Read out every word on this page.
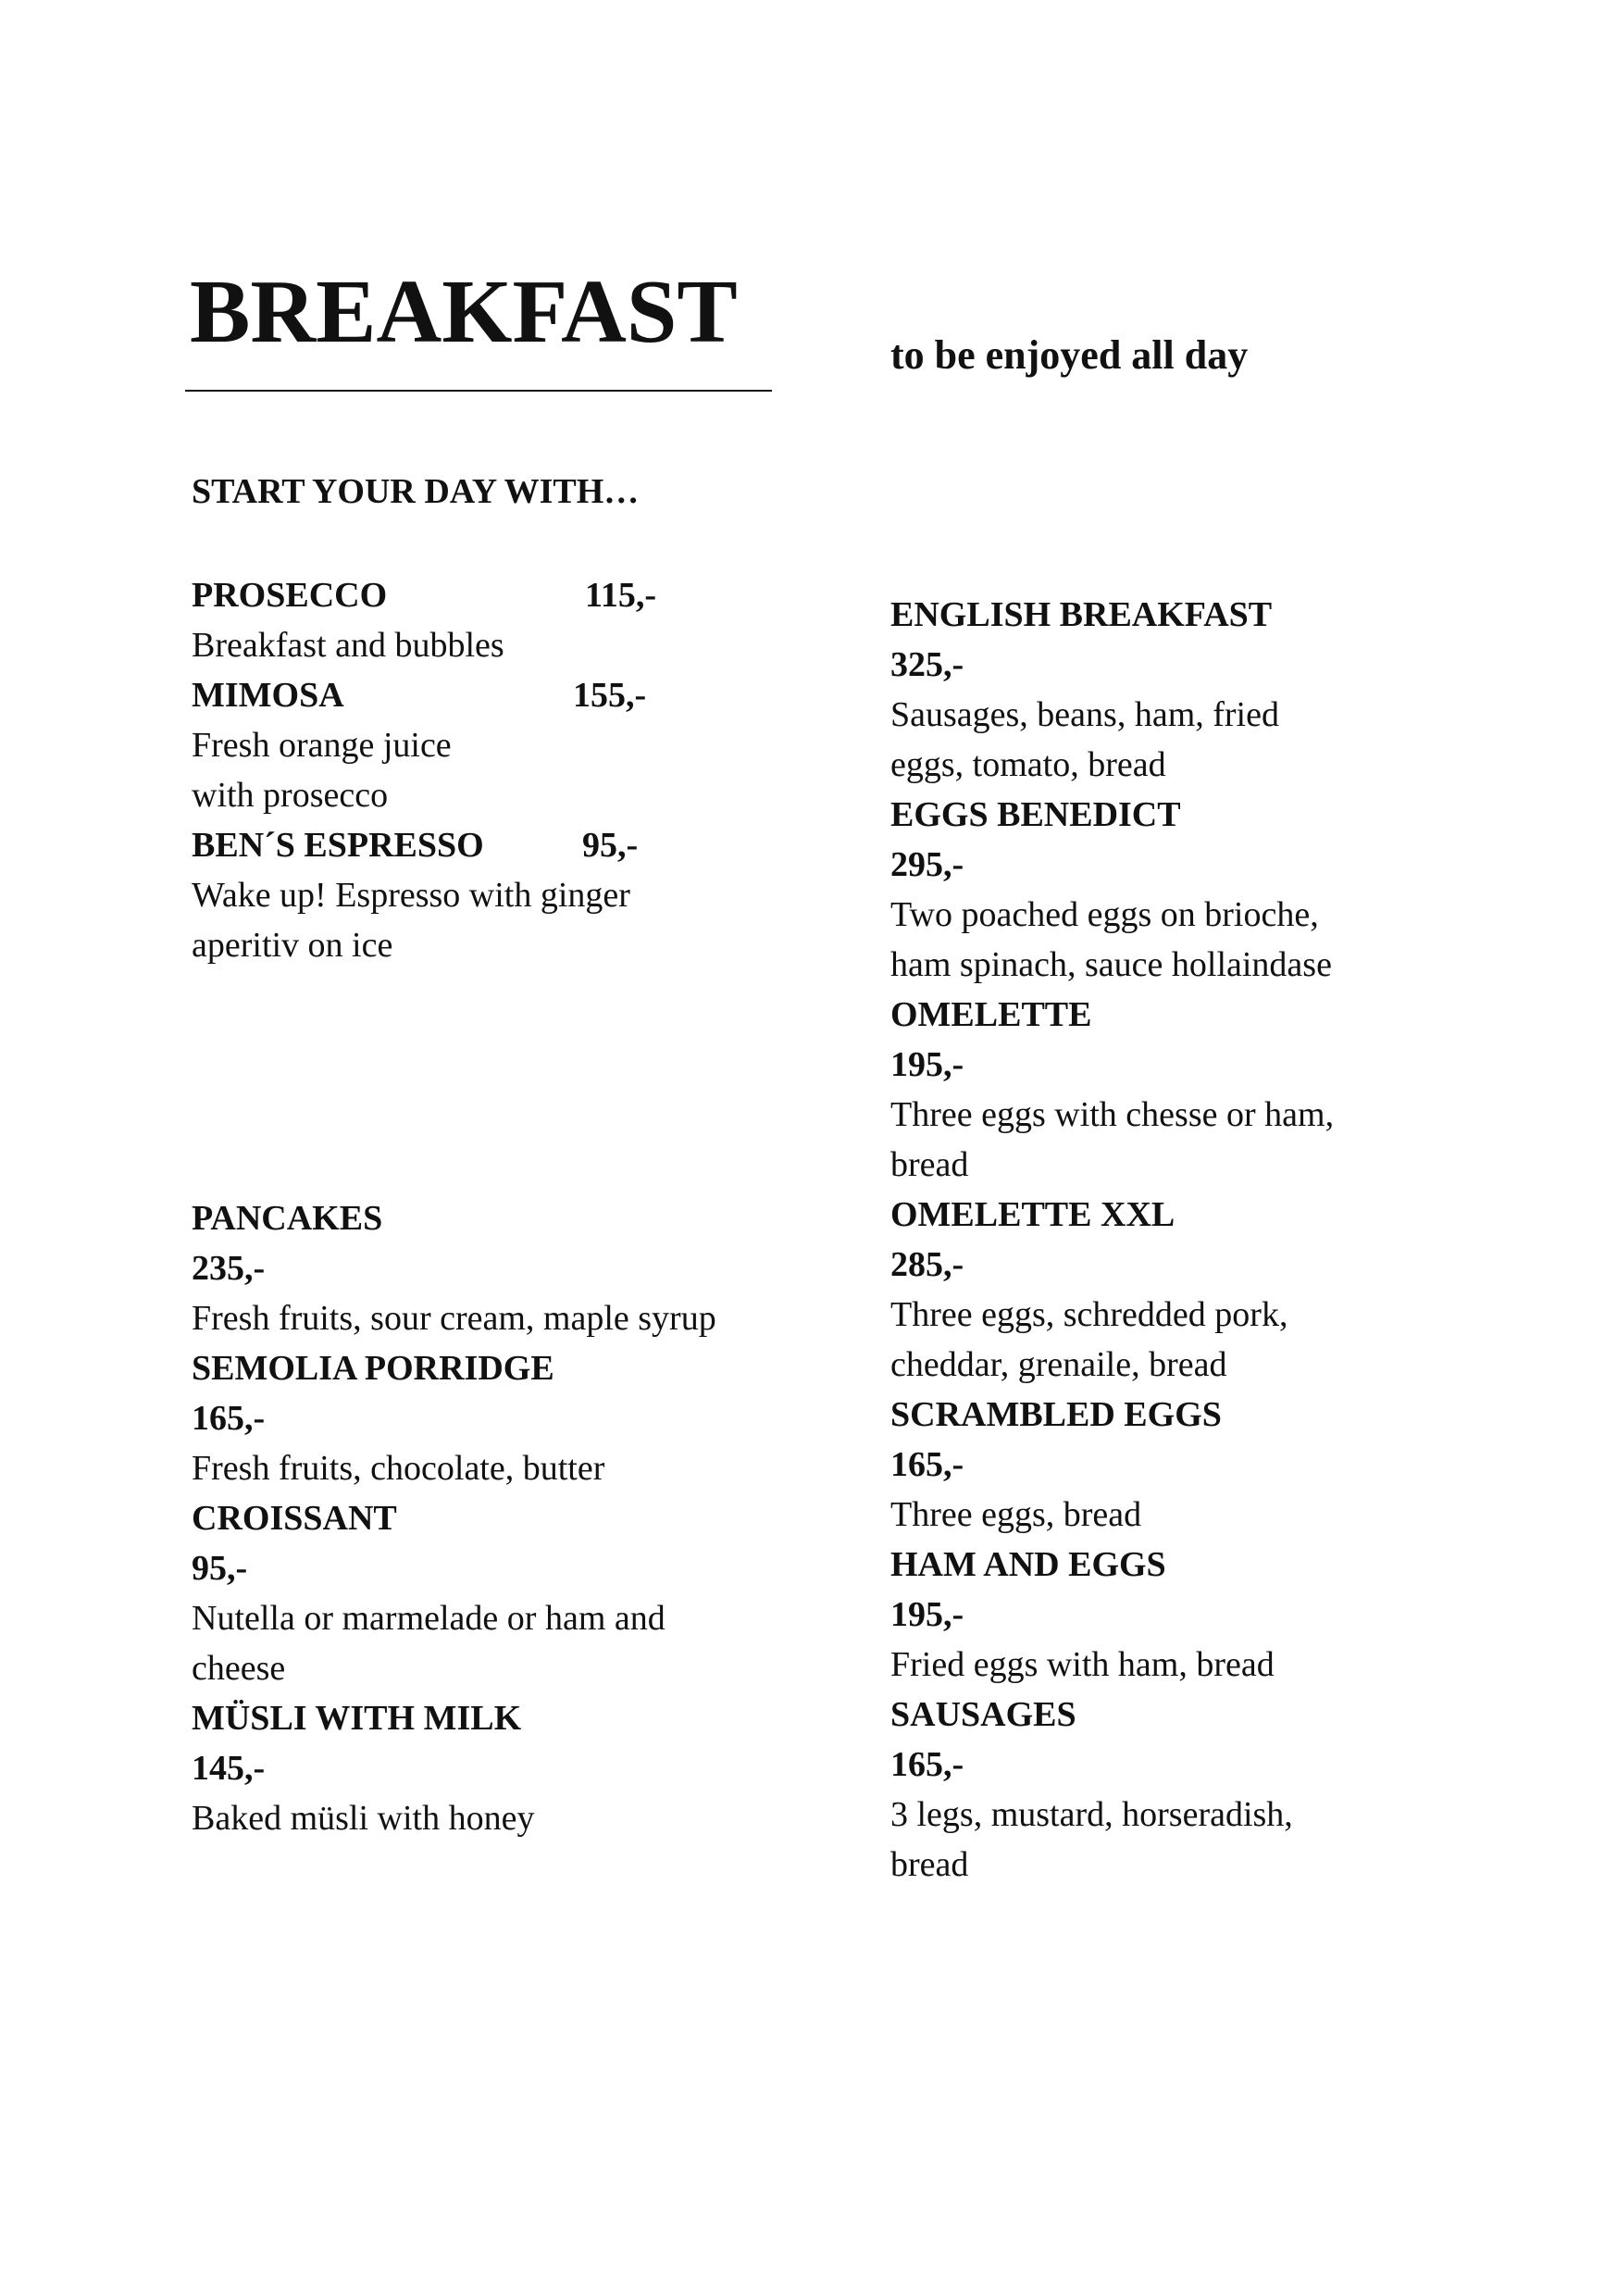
BREAKFAST	to be enjoyed all day
START YOUR DAY WITH…
PROSECCO	115,-
Breakfast and bubbles
MIMOSA	155,-
Fresh orange juice
with prosecco
BEN´S ESPRESSO	95,-
Wake up! Espresso with ginger
aperitiv on ice
PANCAKES
235,-
Fresh fruits, sour cream, maple syrup
SEMOLIA PORRIDGE
165,-
Fresh fruits, chocolate, butter
CROISSANT
95,-
Nutella or marmelade or ham and
cheese
MÜSLI WITH MILK
145,-
Baked müsli with honey
ENGLISH BREAKFAST
325,-
Sausages, beans, ham, fried
eggs, tomato, bread
EGGS BENEDICT
295,-
Two poached eggs on brioche,
ham spinach, sauce hollaindase
OMELETTE
195,-
Three eggs with chesse or ham,
bread
OMELETTE XXL
285,-
Three eggs, schredded pork,
cheddar, grenaile, bread
SCRAMBLED EGGS
165,-
Three eggs, bread
HAM AND EGGS
195,-
Fried eggs with ham, bread
SAUSAGES
165,-
3 legs, mustard, horseradish,
bread
